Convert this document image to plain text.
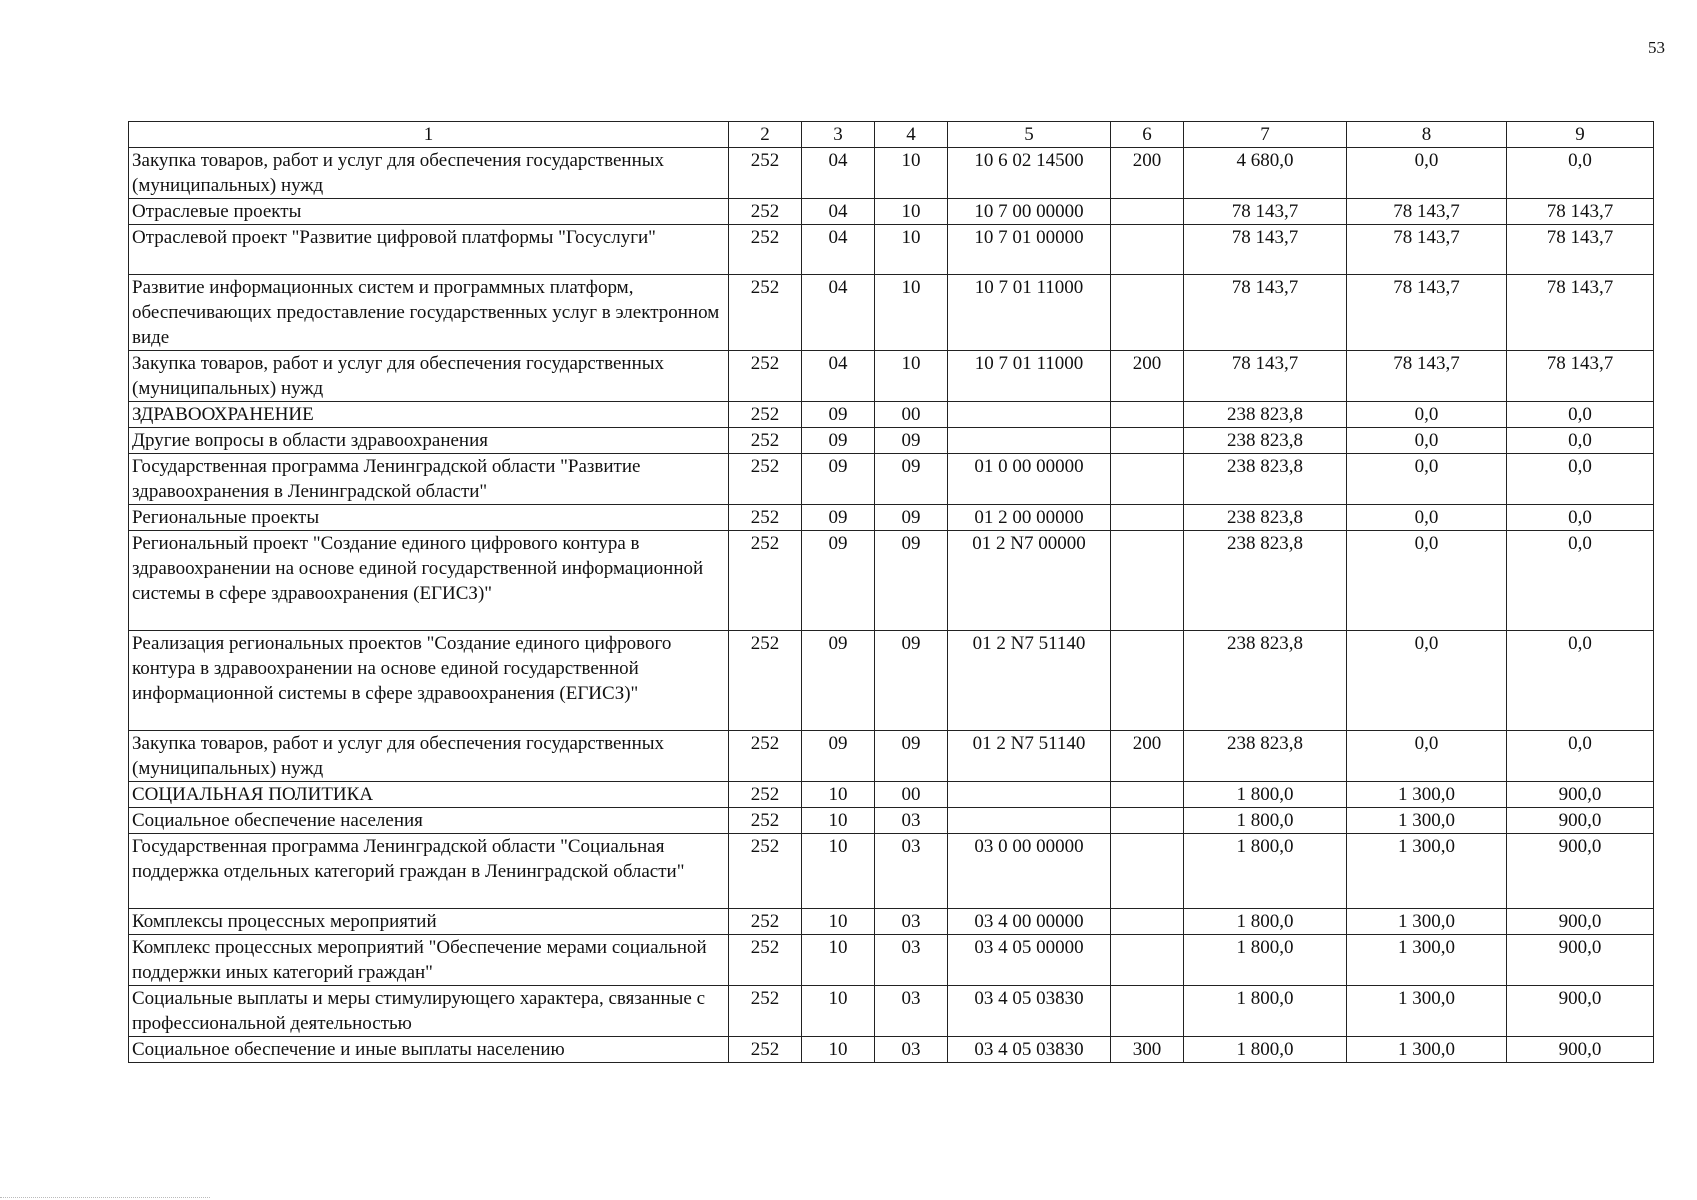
53
1	2	3	4	5	6	7	8	9
Закупка товаров, работ и услуг для обеспечения государственных (муниципальных) нужд	252	04	10	10 6 02 14500	200	4 680,0	0,0	0,0
Отраслевые проекты	252	04	10	10 7 00 00000		78 143,7	78 143,7	78 143,7
Отраслевой проект "Развитие цифровой платформы "Госуслуги"	252	04	10	10 7 01 00000		78 143,7	78 143,7	78 143,7
Развитие информационных систем и программных платформ, обеспечивающих предоставление государственных услуг в электронном виде	252	04	10	10 7 01 11000		78 143,7	78 143,7	78 143,7
Закупка товаров, работ и услуг для обеспечения государственных (муниципальных) нужд	252	04	10	10 7 01 11000	200	78 143,7	78 143,7	78 143,7
ЗДРАВООХРАНЕНИЕ	252	09	00			238 823,8	0,0	0,0
Другие вопросы в области здравоохранения	252	09	09			238 823,8	0,0	0,0
Государственная программа Ленинградской области "Развитие здравоохранения в Ленинградской области"	252	09	09	01 0 00 00000		238 823,8	0,0	0,0
Региональные проекты	252	09	09	01 2 00 00000		238 823,8	0,0	0,0
Региональный проект "Создание единого цифрового контура в здравоохранении на основе единой государственной информационной системы в сфере здравоохранения (ЕГИСЗ)"	252	09	09	01 2 N7 00000		238 823,8	0,0	0,0
Реализация региональных проектов "Создание единого цифрового контура в здравоохранении на основе единой государственной информационной системы в сфере здравоохранения (ЕГИСЗ)"	252	09	09	01 2 N7 51140		238 823,8	0,0	0,0
Закупка товаров, работ и услуг для обеспечения государственных (муниципальных) нужд	252	09	09	01 2 N7 51140	200	238 823,8	0,0	0,0
СОЦИАЛЬНАЯ ПОЛИТИКА	252	10	00			1 800,0	1 300,0	900,0
Социальное обеспечение населения	252	10	03			1 800,0	1 300,0	900,0
Государственная программа Ленинградской области "Социальная поддержка отдельных категорий граждан в Ленинградской области"	252	10	03	03 0 00 00000		1 800,0	1 300,0	900,0
Комплексы процессных мероприятий	252	10	03	03 4 00 00000		1 800,0	1 300,0	900,0
Комплекс процессных мероприятий "Обеспечение мерами социальной поддержки иных категорий граждан"	252	10	03	03 4 05 00000		1 800,0	1 300,0	900,0
Социальные выплаты и меры стимулирующего характера, связанные с профессиональной деятельностью	252	10	03	03 4 05 03830		1 800,0	1 300,0	900,0
Социальное обеспечение и иные выплаты населению	252	10	03	03 4 05 03830	300	1 800,0	1 300,0	900,0
